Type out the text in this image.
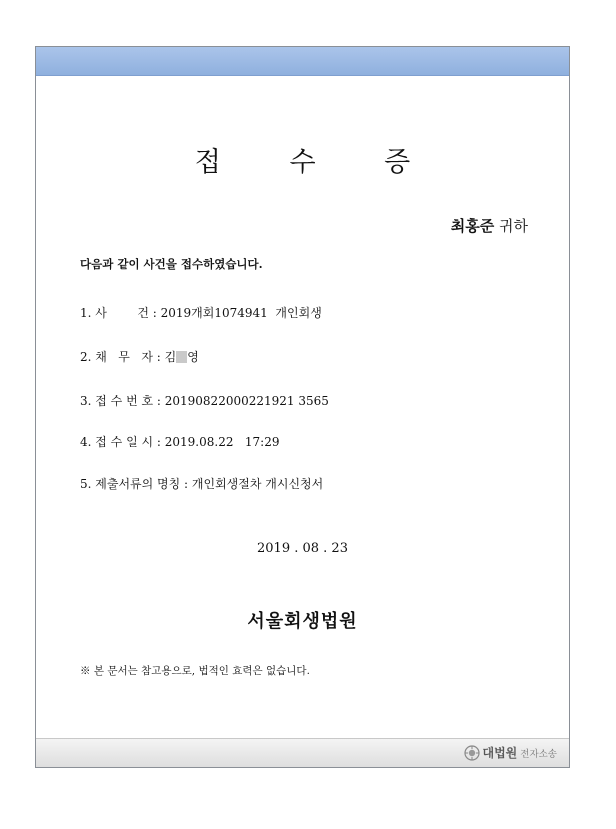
접 수 증
최홍준 귀하
다음과 같이 사건을 접수하였습니다.
1. 사        건 : 2019개회1074941  개인회생
2. 채   무   자 : 김 영
3. 접 수 번 호 : 20190822000221921 3565
4. 접 수 일 시 : 2019.08.22   17:29
5. 제출서류의 명칭 : 개인회생절차 개시신청서
2019 . 08 . 23
서울회생법원
※ 본 문서는 참고용으로, 법적인 효력은 없습니다.
대법원 전자소송
